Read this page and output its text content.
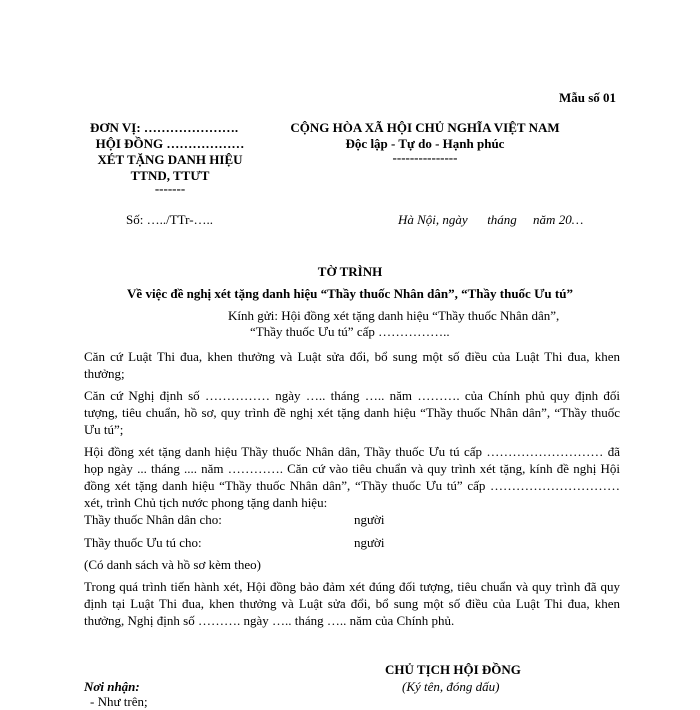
Mẫu số 01
ĐƠN VỊ: ………………….
HỘI ĐỒNG ………………
XÉT TẶNG DANH HIỆU
TTND, TTƯT
-------
Số: …../TTr-…..
CỘNG HÒA XÃ HỘI CHỦ NGHĨA VIỆT NAM
Độc lập - Tự do - Hạnh phúc
---------------
Hà Nội, ngày      tháng     năm 20…
TỜ TRÌNH
Về việc đề nghị xét tặng danh hiệu “Thầy thuốc Nhân dân”, “Thầy thuốc Ưu tú”
Kính gửi: Hội đồng xét tặng danh hiệu “Thầy thuốc Nhân dân”,
“Thầy thuốc Ưu tú” cấp ……………..
Căn cứ Luật Thi đua, khen thưởng và Luật sửa đổi, bổ sung một số điều của Luật Thi đua, khen thưởng;
Căn cứ Nghị định số …………… ngày ….. tháng ….. năm ………. của Chính phủ quy định đối tượng, tiêu chuẩn, hồ sơ, quy trình đề nghị xét tặng danh hiệu “Thầy thuốc Nhân dân”, “Thầy thuốc Ưu tú”;
Hội đồng xét tặng danh hiệu Thầy thuốc Nhân dân, Thầy thuốc Ưu tú cấp ……………………… đã họp ngày ... tháng .... năm …………. Căn cứ vào tiêu chuẩn và quy trình xét tặng, kính đề nghị Hội đồng xét tặng danh hiệu “Thầy thuốc Nhân dân”, “Thầy thuốc Ưu tú” cấp ………………………… xét, trình Chủ tịch nước phong tặng danh hiệu:
Thầy thuốc Nhân dân cho:	người
Thầy thuốc Ưu tú cho:	người
(Có danh sách và hồ sơ kèm theo)
Trong quá trình tiến hành xét, Hội đồng bảo đảm xét đúng đối tượng, tiêu chuẩn và quy trình đã quy định tại Luật Thi đua, khen thưởng và Luật sửa đổi, bổ sung một số điều của Luật Thi đua, khen thưởng, Nghị định số ………. ngày ….. tháng ….. năm của Chính phủ.
CHỦ TỊCH HỘI ĐỒNG
(Ký tên, đóng dấu)
Nơi nhận:
- Như trên;
